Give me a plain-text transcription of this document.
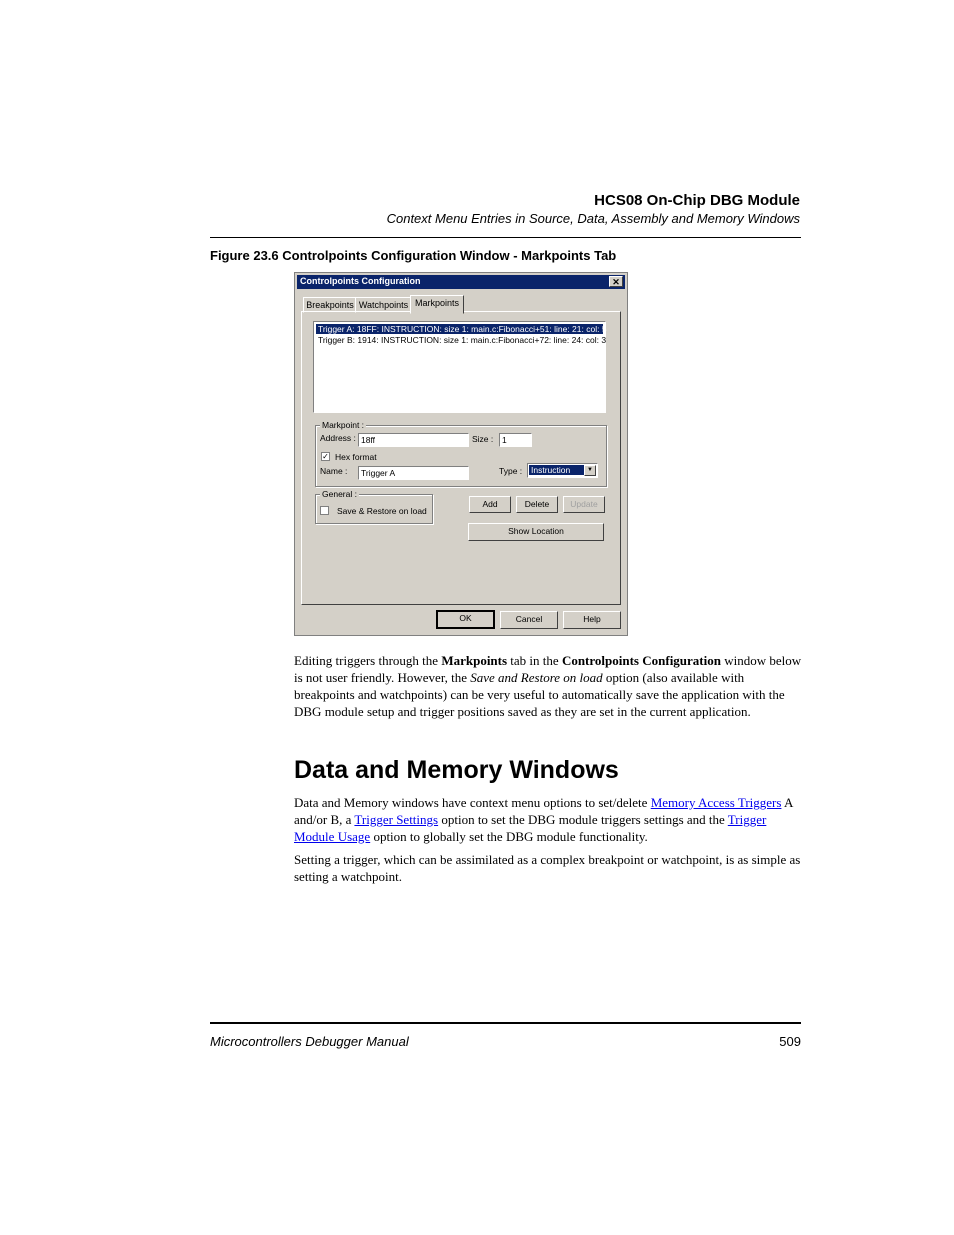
HCS08 On-Chip DBG Module
Context Menu Entries in Source, Data, Assembly and Memory Windows
Figure 23.6 Controlpoints Configuration Window - Markpoints Tab
Controlpoints Configuration	✕
Breakpoints Watchpoints Markpoints
Trigger A: 18FF: INSTRUCTION: size 1: main.c:Fibonacci+51: line: 21: col: 5
Trigger B: 1914: INSTRUCTION: size 1: main.c:Fibonacci+72: line: 24: col: 3
Markpoint :
Address : 18ff	Size :	1
✓ Hex format
Name :	Trigger A	Type : Instruction	▼
General :
Save & Restore on load
Add	Delete	Update
Show Location
OK	Cancel	Help
Editing triggers through the Markpoints tab in the Controlpoints Configuration window below is not user friendly. However, the Save and Restore on load option (also available with breakpoints and watchpoints) can be very useful to automatically save the application with the DBG module setup and trigger positions saved as they are set in the current application.
Data and Memory Windows
Data and Memory windows have context menu options to set/delete Memory Access Triggers A and/or B, a Trigger Settings option to set the DBG module triggers settings and the Trigger Module Usage option to globally set the DBG module functionality.
Setting a trigger, which can be assimilated as a complex breakpoint or watchpoint, is as simple as setting a watchpoint.
Microcontrollers Debugger Manual	509
